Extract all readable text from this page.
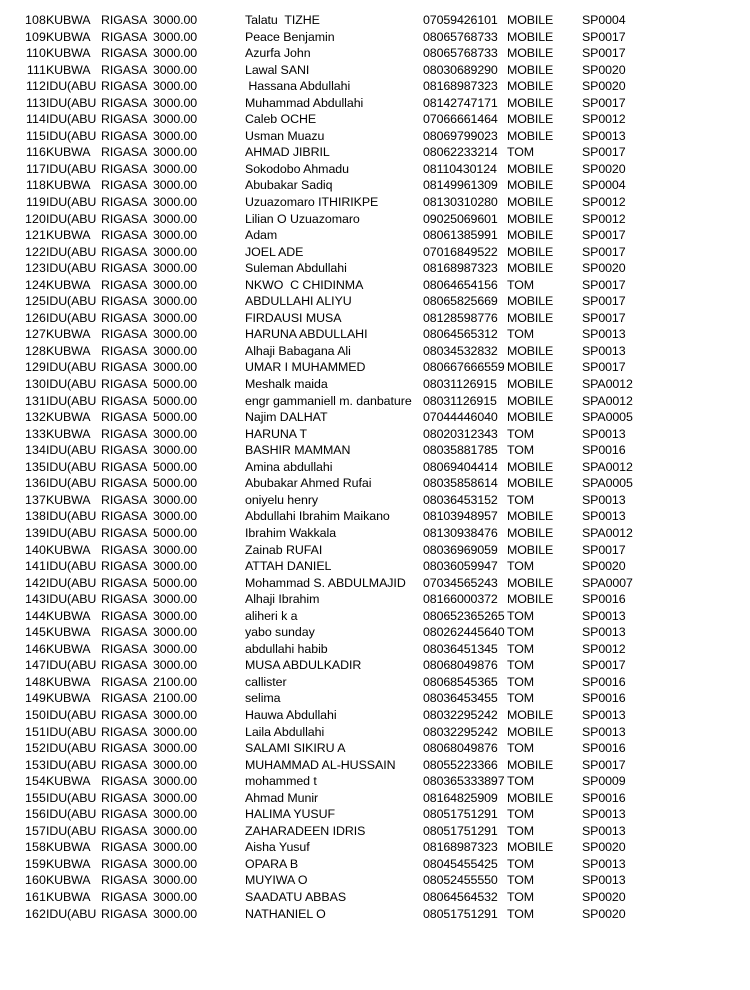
108	KUBWA	RIGASA	3000.00	Talatu  TIZHE	07059426101	MOBILE	SP0004
109	KUBWA	RIGASA	3000.00	Peace Benjamin	08065768733	MOBILE	SP0017
110	KUBWA	RIGASA	3000.00	Azurfa John	08065768733	MOBILE	SP0017
111	KUBWA	RIGASA	3000.00	Lawal SANI	08030689290	MOBILE	SP0020
112	IDU(ABU	RIGASA	3000.00	Hassana Abdullahi	08168987323	MOBILE	SP0020
113	IDU(ABU	RIGASA	3000.00	Muhammad Abdullahi	08142747171	MOBILE	SP0017
114	IDU(ABU	RIGASA	3000.00	Caleb OCHE	07066661464	MOBILE	SP0012
115	IDU(ABU	RIGASA	3000.00	Usman Muazu	08069799023	MOBILE	SP0013
116	KUBWA	RIGASA	3000.00	AHMAD JIBRIL	08062233214	TOM	SP0017
117	IDU(ABU	RIGASA	3000.00	Sokodobo Ahmadu	08110430124	MOBILE	SP0020
118	KUBWA	RIGASA	3000.00	Abubakar Sadiq	08149961309	MOBILE	SP0004
119	IDU(ABU	RIGASA	3000.00	Uzuazomaro ITHIRIKPE	08130310280	MOBILE	SP0012
120	IDU(ABU	RIGASA	3000.00	Lilian O Uzuazomaro	09025069601	MOBILE	SP0012
121	KUBWA	RIGASA	3000.00	Adam	08061385991	MOBILE	SP0017
122	IDU(ABU	RIGASA	3000.00	JOEL ADE	07016849522	MOBILE	SP0017
123	IDU(ABU	RIGASA	3000.00	Suleman Abdullahi	08168987323	MOBILE	SP0020
124	KUBWA	RIGASA	3000.00	NKWO  C CHIDINMA	08064654156	TOM	SP0017
125	IDU(ABU	RIGASA	3000.00	ABDULLAHI ALIYU	08065825669	MOBILE	SP0017
126	IDU(ABU	RIGASA	3000.00	FIRDAUSI MUSA	08128598776	MOBILE	SP0017
127	KUBWA	RIGASA	3000.00	HARUNA ABDULLAHI	08064565312	TOM	SP0013
128	KUBWA	RIGASA	3000.00	Alhaji Babagana Ali	08034532832	MOBILE	SP0013
129	IDU(ABU	RIGASA	3000.00	UMAR I MUHAMMED	080667666559	MOBILE	SP0017
130	IDU(ABU	RIGASA	5000.00	Meshalk maida	08031126915	MOBILE	SPA0012
131	IDU(ABU	RIGASA	5000.00	engr gammaniell m. danbature	08031126915	MOBILE	SPA0012
132	KUBWA	RIGASA	5000.00	Najim DALHAT	07044446040	MOBILE	SPA0005
133	KUBWA	RIGASA	3000.00	HARUNA T	08020312343	TOM	SP0013
134	IDU(ABU	RIGASA	3000.00	BASHIR MAMMAN	08035881785	TOM	SP0016
135	IDU(ABU	RIGASA	5000.00	Amina abdullahi	08069404414	MOBILE	SPA0012
136	IDU(ABU	RIGASA	5000.00	Abubakar Ahmed Rufai	08035858614	MOBILE	SPA0005
137	KUBWA	RIGASA	3000.00	oniyelu henry	08036453152	TOM	SP0013
138	IDU(ABU	RIGASA	3000.00	Abdullahi Ibrahim Maikano	08103948957	MOBILE	SP0013
139	IDU(ABU	RIGASA	5000.00	Ibrahim Wakkala	08130938476	MOBILE	SPA0012
140	KUBWA	RIGASA	3000.00	Zainab RUFAI	08036969059	MOBILE	SP0017
141	IDU(ABU	RIGASA	3000.00	ATTAH DANIEL	08036059947	TOM	SP0020
142	IDU(ABU	RIGASA	5000.00	Mohammad S. ABDULMAJID	07034565243	MOBILE	SPA0007
143	IDU(ABU	RIGASA	3000.00	Alhaji Ibrahim	08166000372	MOBILE	SP0016
144	KUBWA	RIGASA	3000.00	aliheri k a	080652365265	TOM	SP0013
145	KUBWA	RIGASA	3000.00	yabo sunday	080262445640	TOM	SP0013
146	KUBWA	RIGASA	3000.00	abdullahi habib	08036451345	TOM	SP0012
147	IDU(ABU	RIGASA	3000.00	MUSA ABDULKADIR	08068049876	TOM	SP0017
148	KUBWA	RIGASA	2100.00	callister	08068545365	TOM	SP0016
149	KUBWA	RIGASA	2100.00	selima	08036453455	TOM	SP0016
150	IDU(ABU	RIGASA	3000.00	Hauwa Abdullahi	08032295242	MOBILE	SP0013
151	IDU(ABU	RIGASA	3000.00	Laila Abdullahi	08032295242	MOBILE	SP0013
152	IDU(ABU	RIGASA	3000.00	SALAMI SIKIRU A	08068049876	TOM	SP0016
153	IDU(ABU	RIGASA	3000.00	MUHAMMAD AL-HUSSAIN	08055223366	MOBILE	SP0017
154	KUBWA	RIGASA	3000.00	mohammed t	080365333897	TOM	SP0009
155	IDU(ABU	RIGASA	3000.00	Ahmad Munir	08164825909	MOBILE	SP0016
156	IDU(ABU	RIGASA	3000.00	HALIMA YUSUF	08051751291	TOM	SP0013
157	IDU(ABU	RIGASA	3000.00	ZAHARADEEN IDRIS	08051751291	TOM	SP0013
158	KUBWA	RIGASA	3000.00	Aisha Yusuf	08168987323	MOBILE	SP0020
159	KUBWA	RIGASA	3000.00	OPARA B	08045455425	TOM	SP0013
160	KUBWA	RIGASA	3000.00	MUYIWA O	08052455550	TOM	SP0013
161	KUBWA	RIGASA	3000.00	SAADATU ABBAS	08064564532	TOM	SP0020
162	IDU(ABU	RIGASA	3000.00	NATHANIEL O	08051751291	TOM	SP0020
